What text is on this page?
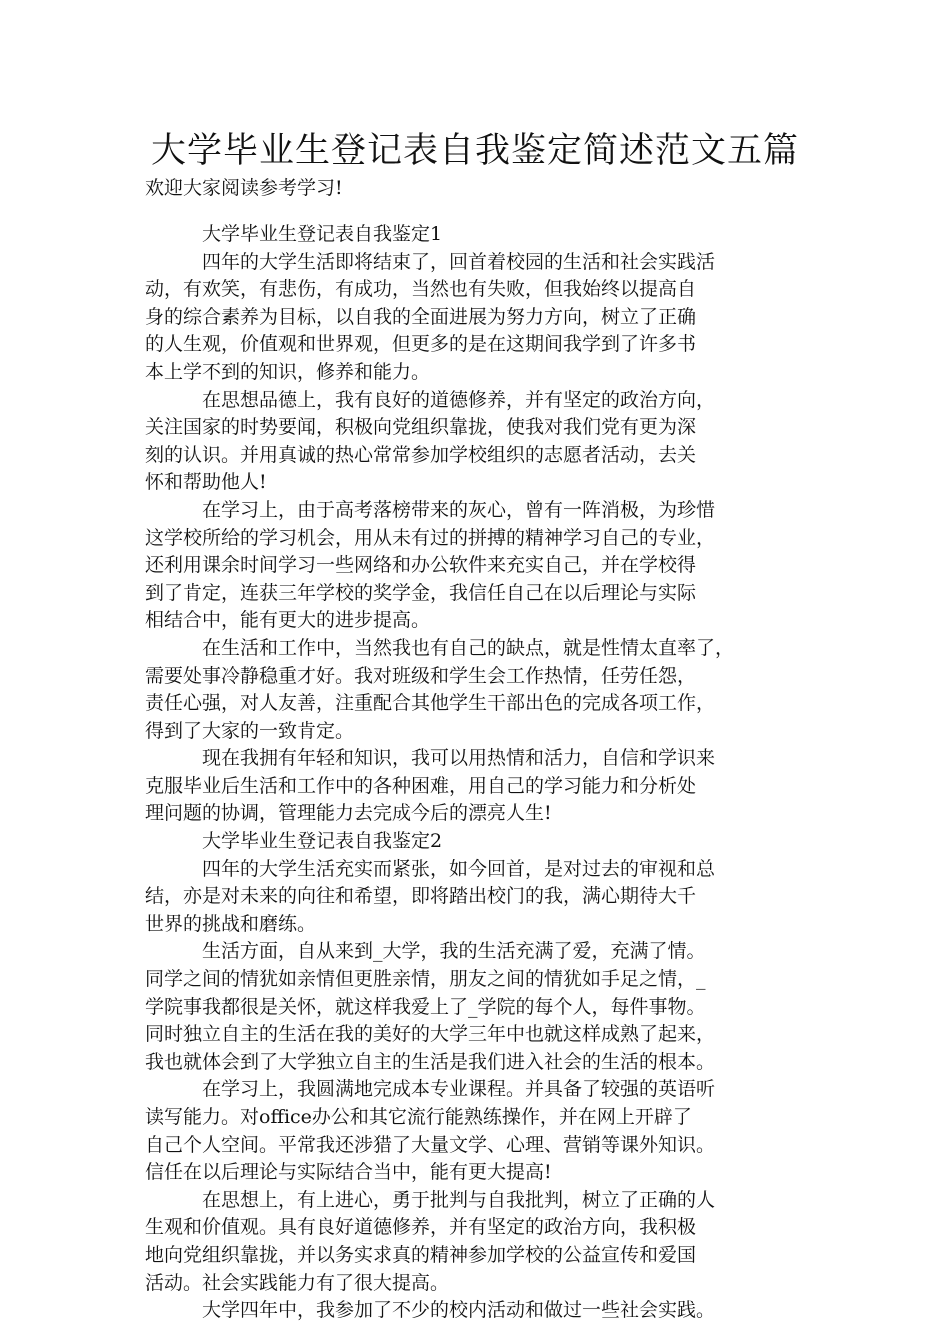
大学毕业生登记表自我鉴定简述范文五篇
欢迎大家阅读参考学习!
大学毕业生登记表自我鉴定1
四年的大学生活即将结束了，回首着校园的生活和社会实践活
动，有欢笑，有悲伤，有成功，当然也有失败，但我始终以提高自
身的综合素养为目标，以自我的全面进展为努力方向，树立了正确
的人生观，价值观和世界观，但更多的是在这期间我学到了许多书
本上学不到的知识，修养和能力。
在思想品德上，我有良好的道德修养，并有坚定的政治方向，
关注国家的时势要闻，积极向党组织靠拢，使我对我们党有更为深
刻的认识。并用真诚的热心常常参加学校组织的志愿者活动，去关
怀和帮助他人!
在学习上，由于高考落榜带来的灰心，曾有一阵消极，为珍惜
这学校所给的学习机会，用从未有过的拼搏的精神学习自己的专业，
还利用课余时间学习一些网络和办公软件来充实自己，并在学校得
到了肯定，连获三年学校的奖学金，我信任自己在以后理论与实际
相结合中，能有更大的进步提高。
在生活和工作中，当然我也有自己的缺点，就是性情太直率了，
需要处事冷静稳重才好。我对班级和学生会工作热情，任劳任怨，
责任心强，对人友善，注重配合其他学生干部出色的完成各项工作，
得到了大家的一致肯定。
现在我拥有年轻和知识，我可以用热情和活力，自信和学识来
克服毕业后生活和工作中的各种困难，用自己的学习能力和分析处
理问题的协调，管理能力去完成今后的漂亮人生!
大学毕业生登记表自我鉴定2
四年的大学生活充实而紧张，如今回首，是对过去的审视和总
结，亦是对未来的向往和希望，即将踏出校门的我，满心期待大千
世界的挑战和磨练。
生活方面，自从来到_大学，我的生活充满了爱，充满了情。
同学之间的情犹如亲情但更胜亲情，朋友之间的情犹如手足之情，_
学院事我都很是关怀，就这样我爱上了_学院的每个人，每件事物。
同时独立自主的生活在我的美好的大学三年中也就这样成熟了起来，
我也就体会到了大学独立自主的生活是我们进入社会的生活的根本。
在学习上，我圆满地完成本专业课程。并具备了较强的英语听
读写能力。对office办公和其它流行能熟练操作，并在网上开辟了
自己个人空间。平常我还涉猎了大量文学、心理、营销等课外知识。
信任在以后理论与实际结合当中，能有更大提高!
在思想上，有上进心，勇于批判与自我批判，树立了正确的人
生观和价值观。具有良好道德修养，并有坚定的政治方向，我积极
地向党组织靠拢，并以务实求真的精神参加学校的公益宣传和爱国
活动。社会实践能力有了很大提高。
大学四年中，我参加了不少的校内活动和做过一些社会实践。
